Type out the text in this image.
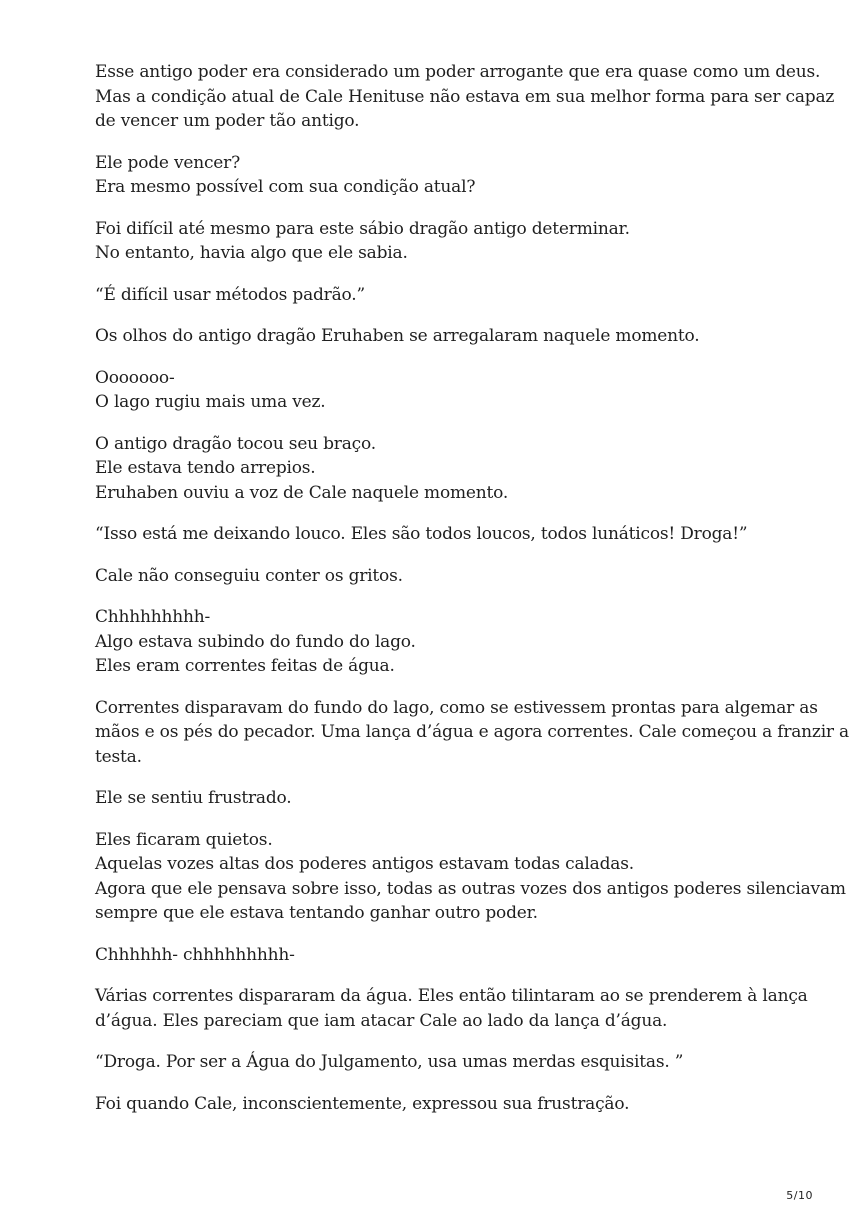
Esse antigo poder era considerado um poder arrogante que era quase como um deus.
Mas a condição atual de Cale Henituse não estava em sua melhor forma para ser capaz
de vencer um poder tão antigo.

Ele pode vencer?
Era mesmo possível com sua condição atual?

Foi difícil até mesmo para este sábio dragão antigo determinar.
No entanto, havia algo que ele sabia.

“É difícil usar métodos padrão.”

Os olhos do antigo dragão Eruhaben se arregalaram naquele momento.

Ooooooo-
O lago rugiu mais uma vez.

O antigo dragão tocou seu braço.
Ele estava tendo arrepios.
Eruhaben ouviu a voz de Cale naquele momento.

“Isso está me deixando louco. Eles são todos loucos, todos lunáticos! Droga!”

Cale não conseguiu conter os gritos.

Chhhhhhhhh-
Algo estava subindo do fundo do lago.
Eles eram correntes feitas de água.

Correntes disparavam do fundo do lago, como se estivessem prontas para algemar as
mãos e os pés do pecador. Uma lança d’água e agora correntes. Cale começou a franzir a
testa.

Ele se sentiu frustrado.

Eles ficaram quietos.
Aquelas vozes altas dos poderes antigos estavam todas caladas.
Agora que ele pensava sobre isso, todas as outras vozes dos antigos poderes silenciavam
sempre que ele estava tentando ganhar outro poder.

Chhhhhh- chhhhhhhhh-

Várias correntes dispararam da água. Eles então tilintaram ao se prenderem à lança
d’água. Eles pareciam que iam atacar Cale ao lado da lança d’água.

“Droga. Por ser a Água do Julgamento, usa umas merdas esquisitas. ”

Foi quando Cale, inconscientemente, expressou sua frustração.

5/10
